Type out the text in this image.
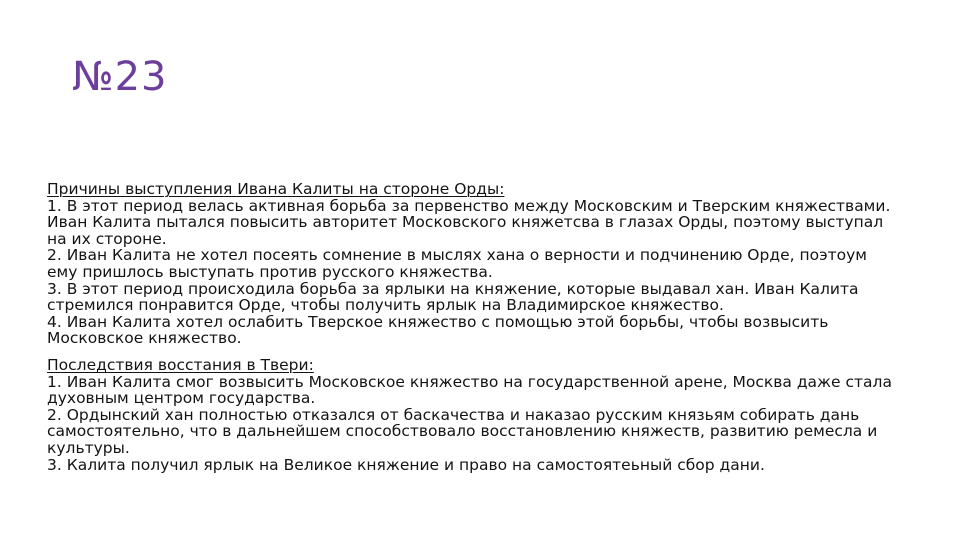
№23
Причины выступления Ивана Калиты на стороне Орды:
1. В этот период велась активная борьба за первенство между Московским и Тверским княжествами. Иван Калита пытался повысить авторитет Московского княжетсва в глазах Орды, поэтому выступал на их стороне.
2. Иван Калита не хотел посеять сомнение в мыслях хана о верности и подчинению Орде, поэтоум ему пришлось выступать против русского княжества.
3. В этот период происходила борьба за ярлыки на княжение, которые выдавал хан. Иван Калита стремился понравится Орде, чтобы получить ярлык на Владимирское княжество.
4. Иван Калита хотел ослабить Тверское княжество с помощью этой борьбы, чтобы возвысить Московское княжество.
Последствия восстания в Твери:
1. Иван Калита смог возвысить Московское княжество на государственной арене, Москва даже стала духовным центром государства.
2. Ордынский хан полностью отказался от баскачества и наказао русским князьям собирать дань самостоятельно, что в дальнейшем способствовало восстановлению княжеств, развитию ремесла и культуры.
3. Калита получил ярлык на Великое княжение и право на самостоятеьный сбор дани.
